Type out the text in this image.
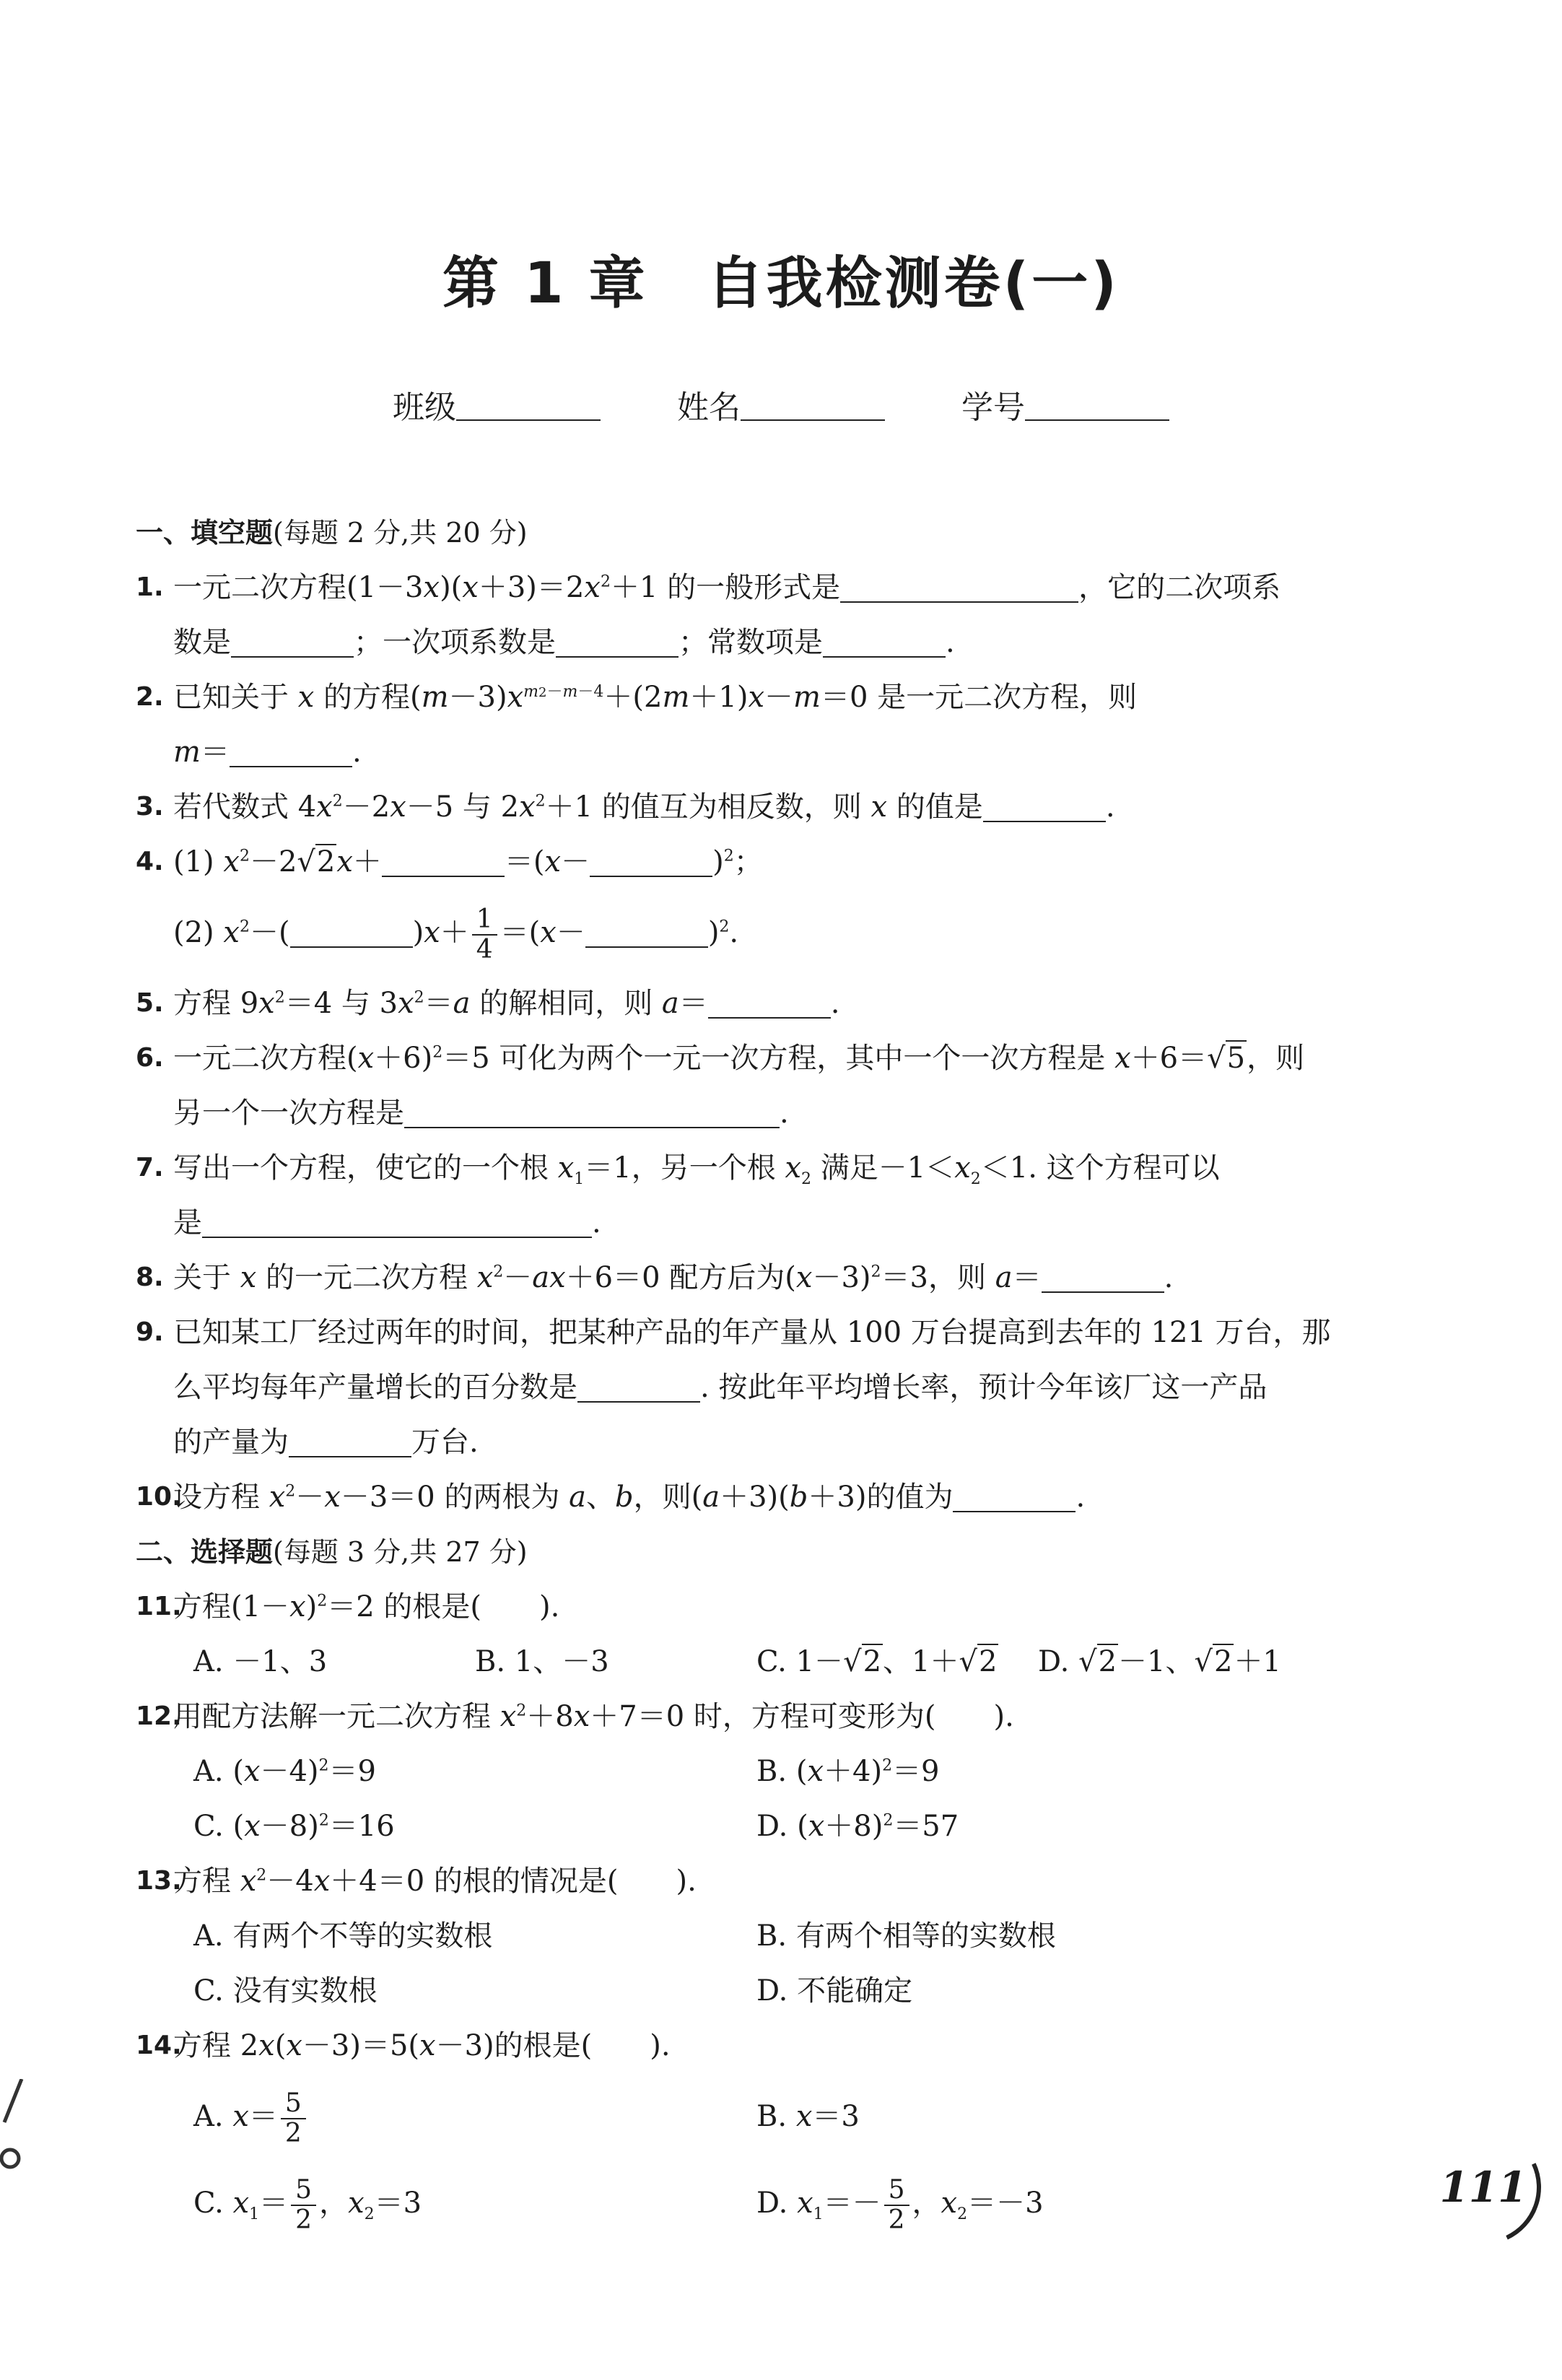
第 1 章　自我检测卷(一)
班级	姓名	学号
一、填空题(每题 2 分,共 20 分)
1. 一元二次方程$(1-3x)(x+3)=2x^2+1$ 的一般形式是	，它的二次项系
数是	；一次项系数是	；常数项是	.
2. 已知关于 x 的方程$(m-3)x^{m2-m-4}+(2m+1)x-m=0$ 是一元二次方程，则
m＝	.
3. 若代数式 $4x^2-2x-5$ 与 $2x^2+1$ 的值互为相反数，则 x 的值是	.
4. (1) $x^2-2√2x+$	＝(x－	)$^2$；
(2) $x^2-$(	)$x+ \frac{1}{4} =(x-$	)$^2$.
5. 方程 $9x^2=4$ 与 $3x^2=a$ 的解相同，则 a＝	.
6. 一元二次方程$(x+6)^2=5$ 可化为两个一元一次方程，其中一个一次方程是 x＋6＝√5，则
另一个一次方程是	.
7. 写出一个方程，使它的一个根 $x_1=1$，另一个根 $x_2$ 满足$-1<x_2<1$. 这个方程可以
是	.
8. 关于 x 的一元二次方程 $x^2-ax+6=0$ 配方后为$(x-3)^2=3$，则 a＝	.
9. 已知某工厂经过两年的时间，把某种产品的年产量从 100 万台提高到去年的 121 万台，那
么平均每年产量增长的百分数是	. 按此年平均增长率，预计今年该厂这一产品
的产量为	万台.
10.
设方程 $x^2-x-3=0$ 的两根为 a、b，则(a＋3)(b＋3)的值为	.
二、选择题(每题 3 分,共 27 分)
11.
方程$(1-x)^2=2$ 的根是( ).
A. －1、3	B. 1、－3	C. 1－√2、1＋√2	D. √2－1、√2＋1
12.
用配方法解一元二次方程 $x^2+8x+7=0$ 时，方程可变形为( ).
A. $(x-4)^2=9$	B. $(x+4)^2=9$
C. $(x-8)^2=16$	D. $(x+8)^2=57$
13.
方程 $x^2-4x+4=0$ 的根的情况是( ).
A. 有两个不等的实数根	B. 有两个相等的实数根
C. 没有实数根	D. 不能确定
14.
方程 2x(x－3)＝5(x－3)的根是( ).
A. $x= \frac{5}{2}$	B. x＝3
C. $x_1= \frac{5}{2}$ ，$x_2=3$	D. $x_1=- \frac{5}{2}$ ，$x_2=-3$	111
